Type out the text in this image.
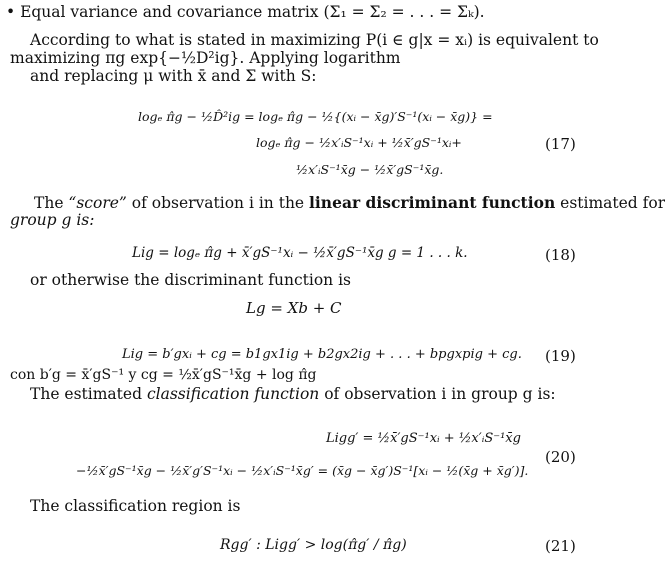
• Equal variance and covariance matrix (Σ₁ = Σ₂ = . . . = Σₖ).
According to what is stated in maximizing P(i ∈ g|x = xᵢ) is equivalent to
maximizing πg exp{−½D²ig}. Applying logarithm
and replacing μ with x̄ and Σ with S:
logₑ π̂g − ½D̂²ig = logₑ π̂g − ½{(xᵢ − x̄g)′S⁻¹(xᵢ − x̄g)} =
logₑ π̂g − ½x′ᵢS⁻¹xᵢ + ½x̄′gS⁻¹xᵢ+
½x′ᵢS⁻¹x̄g − ½x̄′gS⁻¹x̄g.
(17)
The “score” of observation i in the linear discriminant function estimated for
group g is:
Lig = logₑ π̂g + x̄′gS⁻¹xᵢ − ½x̄′gS⁻¹x̄g g = 1 . . . k.	(18)
or otherwise the discriminant function is
Lg = Xb + C
Lig = b′gxᵢ + cg = b1gx1ig + b2gx2ig + . . . + bpgxpig + cg. (19)
con b′g = x̄′gS⁻¹ y cg = ½x̄′gS⁻¹x̄g + log π̂g
The estimated classification function of observation i in group g is:
Ligg′ = ½x̄′gS⁻¹xᵢ + ½x′ᵢS⁻¹x̄g
−½x̄′gS⁻¹x̄g − ½x̄′g′S⁻¹xᵢ − ½x′ᵢS⁻¹x̄g′ = (x̄g − x̄g′)S⁻¹[xᵢ − ½(x̄g + x̄g′)].
(20)
The classification region is
Rgg′ : Ligg′ > log(π̂g′ / π̂g)	(21)
